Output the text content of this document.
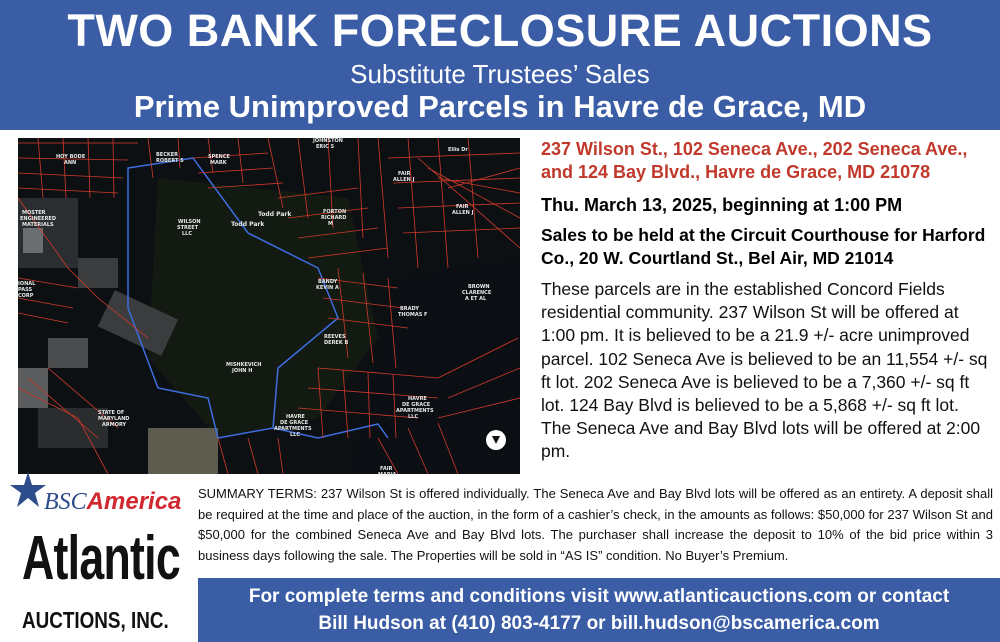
TWO BANK FORECLOSURE AUCTIONS
Substitute Trustees’ Sales
Prime Unimproved Parcels in Havre de Grace, MD
HOY BODE
ANN
BECKER
ROBERT S
SPENCE
MARK
JOHNSTON
ERIC S
FAIR
ALLEN J
FAIR
ALLEN J
Ellis Dr
WILSON
STREET
LLC
Todd Park
Todd Park	FORTON
RICHARD
M
MOSTER
ENGINEERED
MATERIALS
IONAL
PASS
CORP
BANDY
KEVIN A	BROWN
CLARENCE
A ET AL
BRADY
THOMAS F
REEVES
DEREK B
MISHKEVICH
JOHN H
HAVRE
DE GRACE
APARTMENTS
LLC
HAVRE
DE GRACE
APARTMENTS
LLC
STATE OF
MARYLAND
ARMORY
FAIR
MARIA

237 Wilson St., 102 Seneca Ave., 202 Seneca Ave., and 124 Bay Blvd., Havre de Grace, MD 21078

Thu. March 13, 2025, beginning at 1:00 PM
Sales to be held at the Circuit Courthouse for Harford Co., 20 W. Courtland St., Bel Air, MD 21014
These parcels are in the established Concord Fields residential community. 237 Wilson St will be offered at 1:00 pm. It is believed to be a 21.9 +/- acre unimproved parcel. 102 Seneca Ave is believed to be an 11,554 +/- sq ft lot. 202 Seneca Ave is believed to be a 7,360 +/- sq ft lot. 124 Bay Blvd is believed to be a 5,868 +/- sq ft lot. The Seneca Ave and Bay Blvd lots will be offered at 2:00 pm.
BSCAmerica
Atlantic
AUCTIONS, INC.
SUMMARY TERMS: 237 Wilson St is offered individually. The Seneca Ave and Bay Blvd lots will be offered as an entirety. A deposit shall be required at the time and place of the auction, in the form of a cashier’s check, in the amounts as follows: $50,000 for 237 Wilson St and $50,000 for the combined Seneca Ave and Bay Blvd lots. The purchaser shall increase the deposit to 10% of the bid price within 3 business days following the sale. The Properties will be sold in “AS IS” condition. No Buyer’s Premium.
For complete terms and conditions visit www.atlanticauctions.com or contact
Bill Hudson at (410) 803-4177 or bill.hudson@bscamerica.com
